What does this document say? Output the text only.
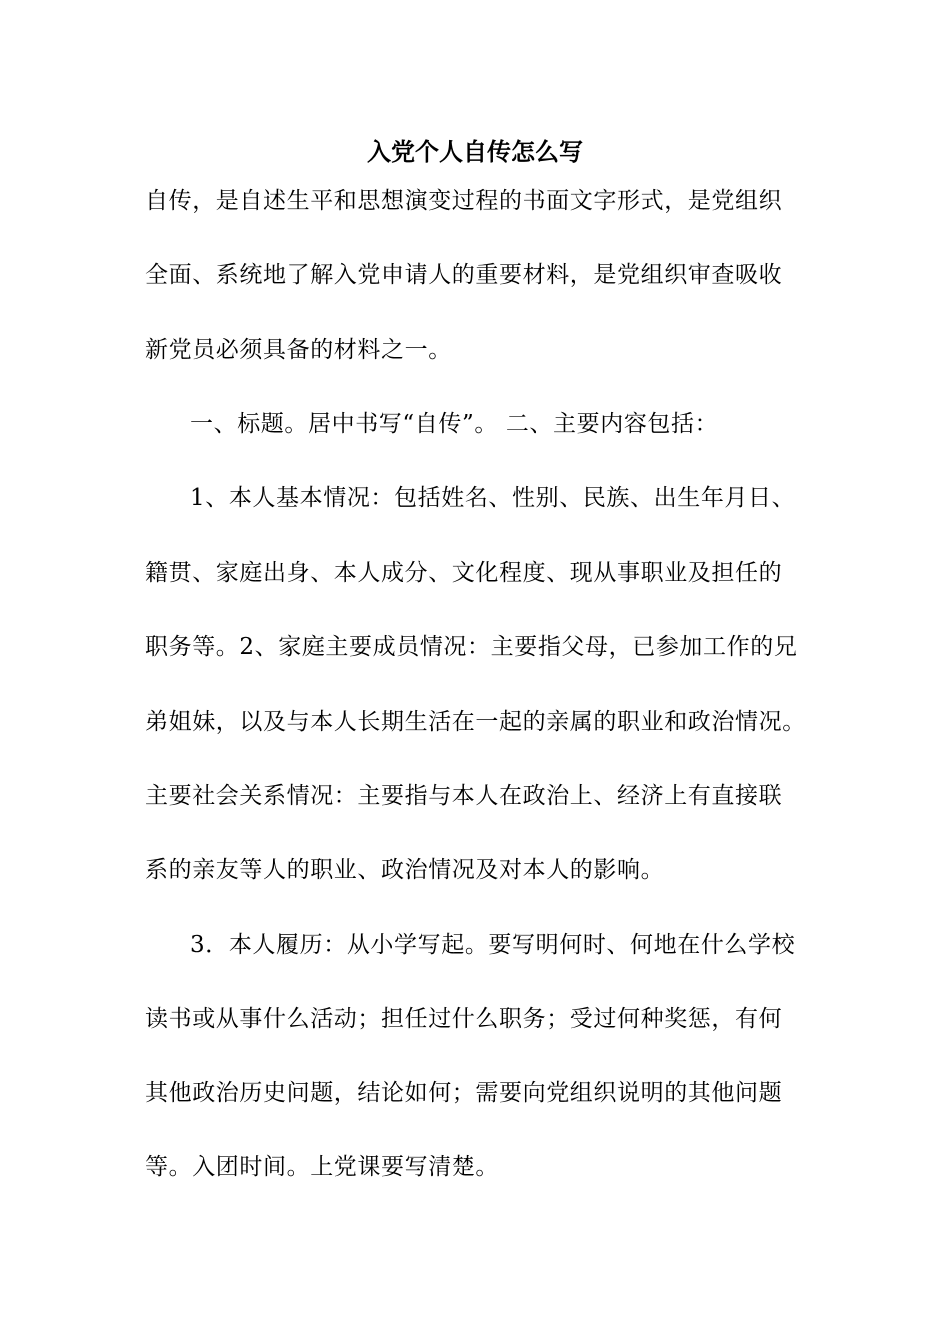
入党个人自传怎么写
自传，是自述生平和思想演变过程的书面文字形式，是党组织
全面、系统地了解入党申请人的重要材料，是党组织审查吸收
新党员必须具备的材料之一。
一、标题。居中书写“自传”。 二、主要内容包括：
1、本人基本情况：包括姓名、性别、民族、出生年月日、
籍贯、家庭出身、本人成分、文化程度、现从事职业及担任的
职务等。2、家庭主要成员情况：主要指父母，已参加工作的兄
弟姐妹，以及与本人长期生活在一起的亲属的职业和政治情况。
主要社会关系情况：主要指与本人在政治上、经济上有直接联
系的亲友等人的职业、政治情况及对本人的影响。
3．本人履历：从小学写起。要写明何时、何地在什么学校
读书或从事什么活动；担任过什么职务；受过何种奖惩，有何
其他政治历史问题，结论如何；需要向党组织说明的其他问题
等。入团时间。上党课要写清楚。
